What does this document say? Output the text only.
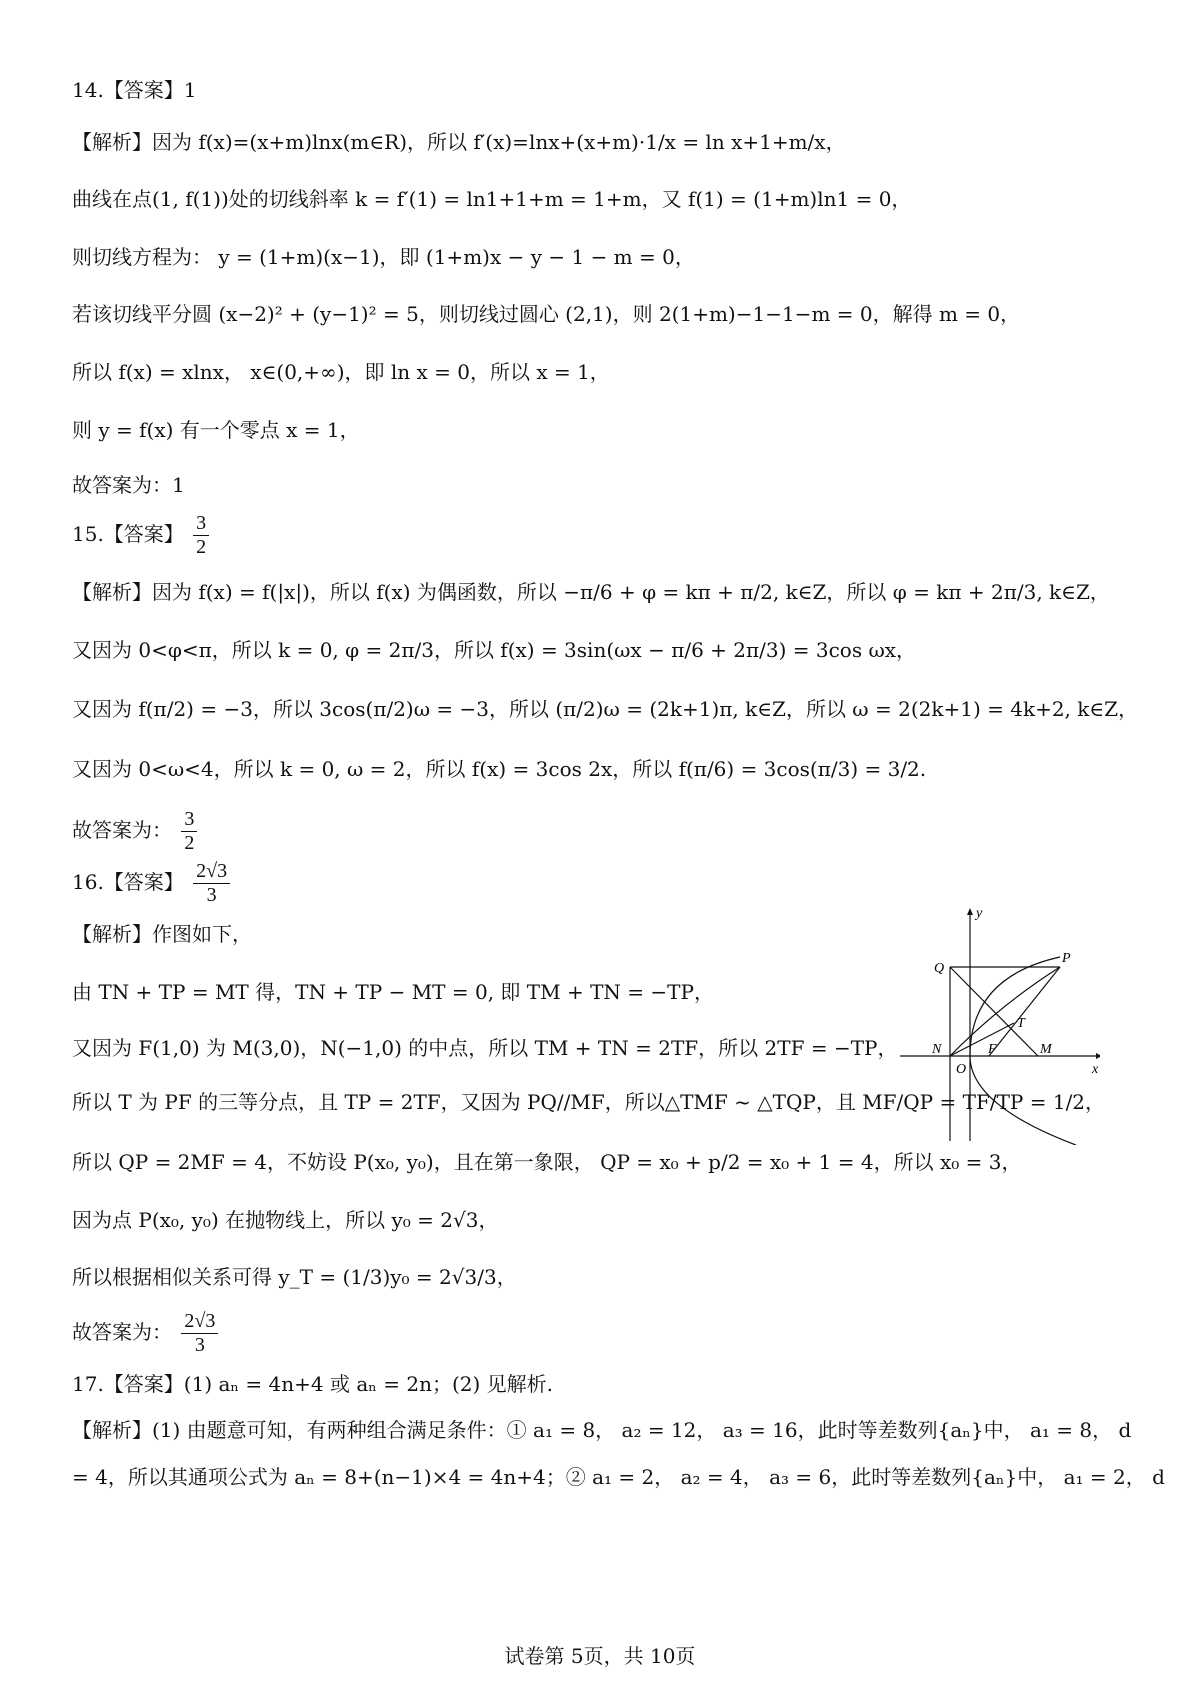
14.【答案】1
【解析】因为 f(x)=(x+m)lnx(m∈R)，所以 f′(x)=lnx+(x+m)·1/x = ln x+1+m/x，
曲线在点(1, f(1))处的切线斜率 k = f′(1) = ln1+1+m = 1+m，又 f(1) = (1+m)ln1 = 0，
则切线方程为： y = (1+m)(x−1)，即 (1+m)x − y − 1 − m = 0，
若该切线平分圆 (x−2)² + (y−1)² = 5，则切线过圆心 (2,1)，则 2(1+m)−1−1−m = 0，解得 m = 0，
所以 f(x) = xlnx， x∈(0,+∞)，即 ln x = 0，所以 x = 1，
则 y = f(x) 有一个零点 x = 1，
故答案为：1
15.【答案】 $\frac{3}{2}$
【解析】因为 f(x) = f(|x|)，所以 f(x) 为偶函数，所以 −π/6 + φ = kπ + π/2, k∈Z，所以 φ = kπ + 2π/3, k∈Z，
又因为 0<φ<π，所以 k = 0, φ = 2π/3，所以 f(x) = 3sin(ωx − π/6 + 2π/3) = 3cos ωx，
又因为 f(π/2) = −3，所以 3cos(π/2)ω = −3，所以 (π/2)ω = (2k+1)π, k∈Z，所以 ω = 2(2k+1) = 4k+2, k∈Z，
又因为 0<ω<4，所以 k = 0, ω = 2，所以 f(x) = 3cos 2x，所以 f(π/6) = 3cos(π/3) = 3/2.
故答案为： $\frac{3}{2}$
16.【答案】 $\frac{2√3}{3}$
【解析】作图如下，
由 TN + TP = MT 得，TN + TP − MT = 0, 即 TM + TN = −TP，
又因为 F(1,0) 为 M(3,0)，N(−1,0) 的中点，所以 TM + TN = 2TF，所以 2TF = −TP，
所以 T 为 PF 的三等分点，且 TP = 2TF，又因为 PQ//MF，所以△TMF ~ △TQP，且 MF/QP = TF/TP = 1/2，
所以 QP = 2MF = 4，不妨设 P(x₀, y₀)，且在第一象限， QP = x₀ + p/2 = x₀ + 1 = 4，所以 x₀ = 3，
因为点 P(x₀, y₀) 在抛物线上，所以 y₀ = 2√3，
所以根据相似关系可得 y_T = (1/3)y₀ = 2√3/3，
故答案为： $\frac{2√3}{3}$
17.【答案】(1) aₙ = 4n+4 或 aₙ = 2n；(2) 见解析.
【解析】(1) 由题意可知，有两种组合满足条件：① a₁ = 8， a₂ = 12， a₃ = 16，此时等差数列{aₙ}中， a₁ = 8， d
= 4，所以其通项公式为 aₙ = 8+(n−1)×4 = 4n+4；② a₁ = 2， a₂ = 4， a₃ = 6，此时等差数列{aₙ}中， a₁ = 2， d
y
x
Q
P
T
N
O
F	M
试卷第 5页，共 10页
